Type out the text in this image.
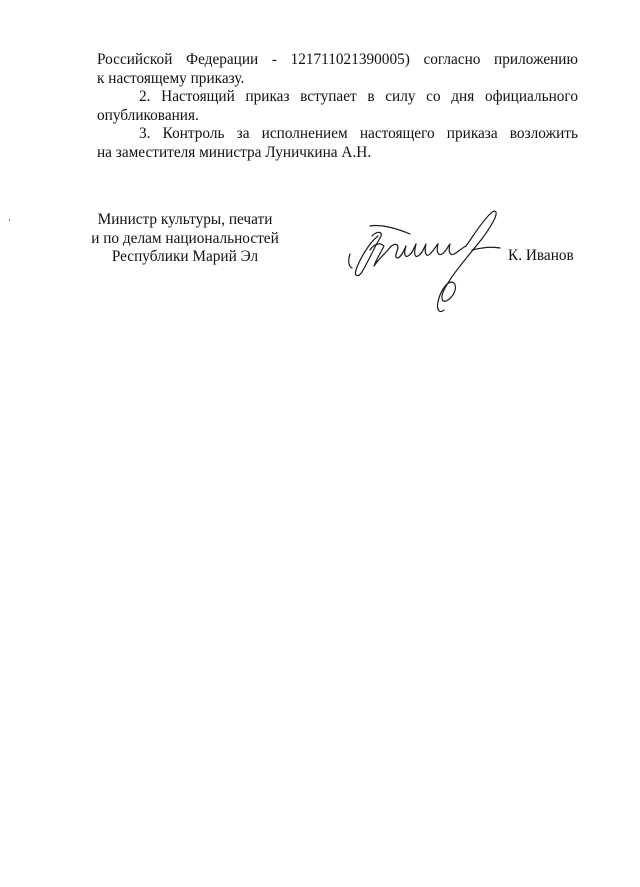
Российской Федерации - 121711021390005) согласно приложению
к настоящему приказу.
2. Настоящий приказ вступает в силу со дня официального
опубликования.
3. Контроль за исполнением настоящего приказа возложить
на заместителя министра Луничкина А.Н.
Министр культуры, печати
и по делам национальностей
Республики Марий Эл	К. Иванов
